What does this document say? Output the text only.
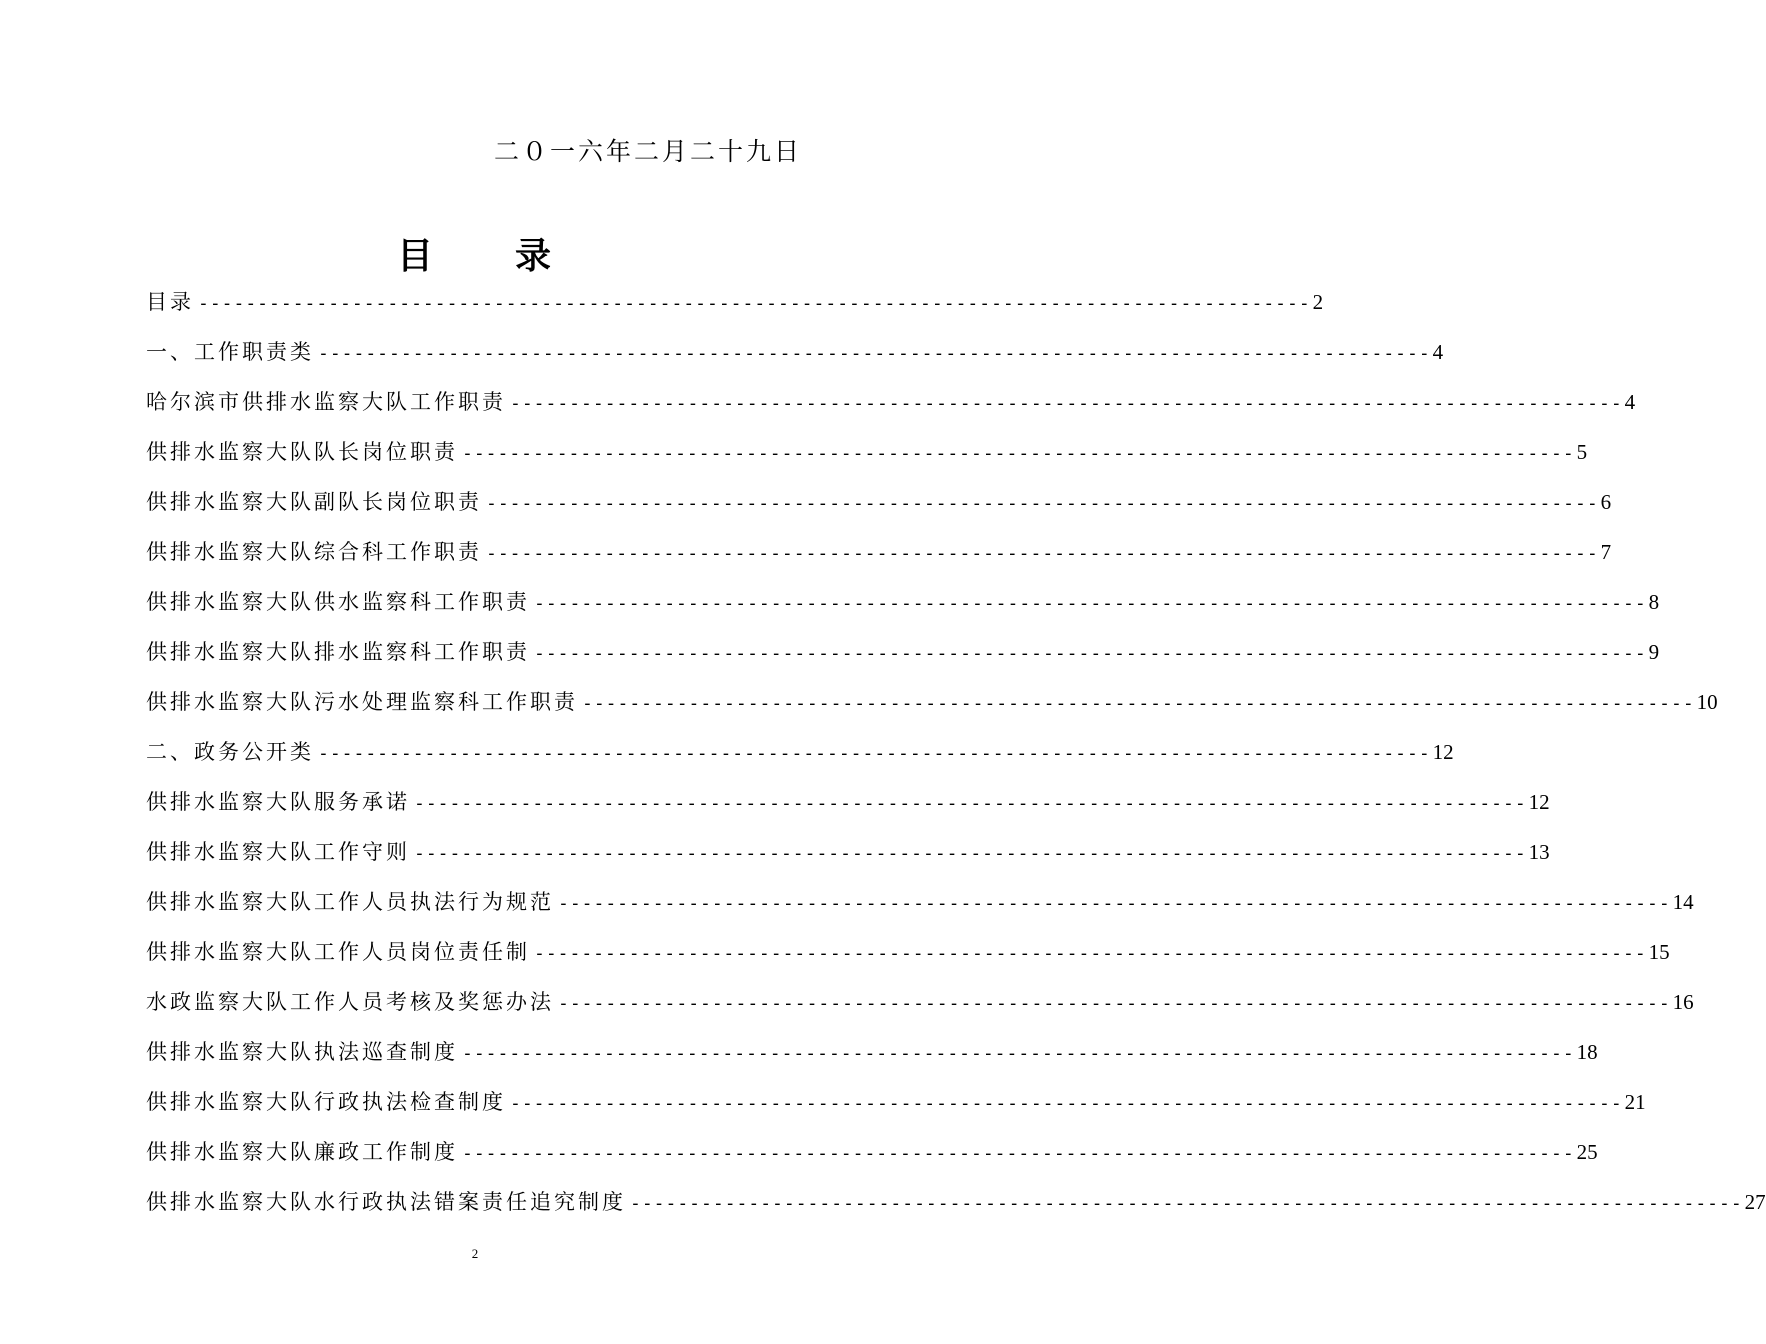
二０一六年二月二十九日
目 录
目录 ---------------------------------------------------------------------------------------------- 2
一、工作职责类 ---------------------------------------------------------------------------------------------- 4
哈尔滨市供排水监察大队工作职责 ---------------------------------------------------------------------------------------------- 4
供排水监察大队队长岗位职责 ---------------------------------------------------------------------------------------------- 5
供排水监察大队副队长岗位职责 ---------------------------------------------------------------------------------------------- 6
供排水监察大队综合科工作职责 ---------------------------------------------------------------------------------------------- 7
供排水监察大队供水监察科工作职责 ---------------------------------------------------------------------------------------------- 8
供排水监察大队排水监察科工作职责 ---------------------------------------------------------------------------------------------- 9
供排水监察大队污水处理监察科工作职责 ---------------------------------------------------------------------------------------------- 10
二、政务公开类 ---------------------------------------------------------------------------------------------- 12
供排水监察大队服务承诺 ---------------------------------------------------------------------------------------------- 12
供排水监察大队工作守则 ---------------------------------------------------------------------------------------------- 13
供排水监察大队工作人员执法行为规范 ---------------------------------------------------------------------------------------------- 14
供排水监察大队工作人员岗位责任制 ---------------------------------------------------------------------------------------------- 15
水政监察大队工作人员考核及奖惩办法 ---------------------------------------------------------------------------------------------- 16
供排水监察大队执法巡查制度 ---------------------------------------------------------------------------------------------- 18
供排水监察大队行政执法检查制度 ---------------------------------------------------------------------------------------------- 21
供排水监察大队廉政工作制度 ---------------------------------------------------------------------------------------------- 25
供排水监察大队水行政执法错案责任追究制度 ---------------------------------------------------------------------------------------------- 27
2
